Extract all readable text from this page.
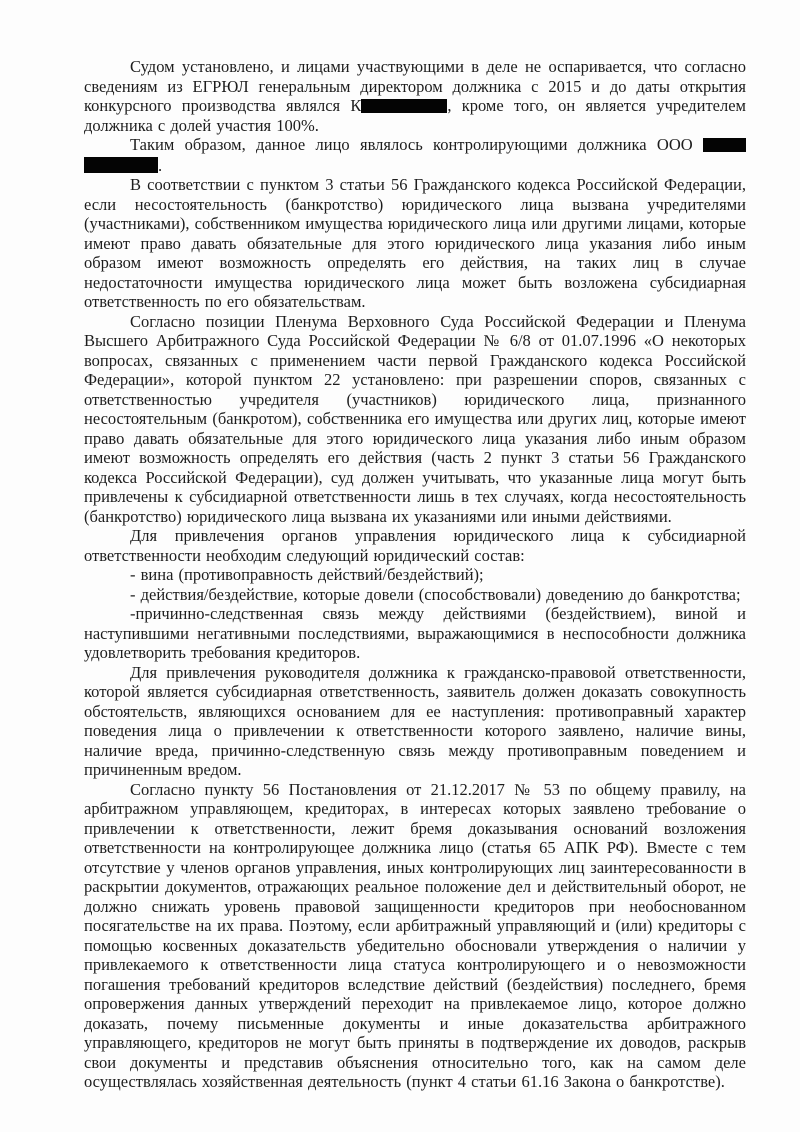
Судом установлено, и лицами участвующими в деле не оспаривается, что согласно сведениям из ЕГРЮЛ генеральным директором должника с 2015 и до даты открытия конкурсного производства являлся К	, кроме того, он является учредителем должника с долей участия 100%.

Таким образом, данное лицо являлось контролирующими должника ООО  .

В соответствии с пунктом 3 статьи 56 Гражданского кодекса Российской Федерации, если несостоятельность (банкротство) юридического лица вызвана учредителями (участниками), собственником имущества юридического лица или другими лицами, которые имеют право давать обязательные для этого юридического лица указания либо иным образом имеют возможность определять его действия, на таких лиц в случае недостаточности имущества юридического лица может быть возложена субсидиарная ответственность по его обязательствам.

Согласно позиции Пленума Верховного Суда Российской Федерации и Пленума Высшего Арбитражного Суда Российской Федерации № 6/8 от 01.07.1996 «О некоторых вопросах, связанных с применением части первой Гражданского кодекса Российской Федерации», которой пунктом 22 установлено: при разрешении споров, связанных с ответственностью учредителя (участников) юридического лица, признанного несостоятельным (банкротом), собственника его имущества или других лиц, которые имеют право давать обязательные для этого юридического лица указания либо иным образом имеют возможность определять его действия (часть 2 пункт 3 статьи 56 Гражданского кодекса Российской Федерации), суд должен учитывать, что указанные лица могут быть привлечены к субсидиарной ответственности лишь в тех случаях, когда несостоятельность (банкротство) юридического лица вызвана их указаниями или иными действиями.

Для привлечения органов управления юридического лица к субсидиарной ответственности необходим следующий юридический состав:

- вина (противоправность действий/бездействий);

- действия/бездействие, которые довели (способствовали) доведению до банкротства;

-причинно-следственная связь между действиями (бездействием), виной и наступившими негативными последствиями, выражающимися в неспособности должника удовлетворить требования кредиторов.

Для привлечения руководителя должника к гражданско-правовой ответственности, которой является субсидиарная ответственность, заявитель должен доказать совокупность обстоятельств, являющихся основанием для ее наступления: противоправный характер поведения лица о привлечении к ответственности которого заявлено, наличие вины, наличие вреда, причинно-следственную связь между противоправным поведением и причиненным вредом.

Согласно пункту 56 Постановления от 21.12.2017 № 53 по общему правилу, на арбитражном управляющем, кредиторах, в интересах которых заявлено требование о привлечении к ответственности, лежит бремя доказывания оснований возложения ответственности на контролирующее должника лицо (статья 65 АПК РФ). Вместе с тем отсутствие у членов органов управления, иных контролирующих лиц заинтересованности в раскрытии документов, отражающих реальное положение дел и действительный оборот, не должно снижать уровень правовой защищенности кредиторов при необоснованном посягательстве на их права. Поэтому, если арбитражный управляющий и (или) кредиторы с помощью косвенных доказательств убедительно обосновали утверждения о наличии у привлекаемого к ответственности лица статуса контролирующего и о невозможности погашения требований кредиторов вследствие действий (бездействия) последнего, бремя опровержения данных утверждений переходит на привлекаемое лицо, которое должно доказать, почему письменные документы и иные доказательства арбитражного управляющего, кредиторов не могут быть приняты в подтверждение их доводов, раскрыв свои документы и представив объяснения относительно того, как на самом деле осуществлялась хозяйственная деятельность (пункт 4 статьи 61.16 Закона о банкротстве).
